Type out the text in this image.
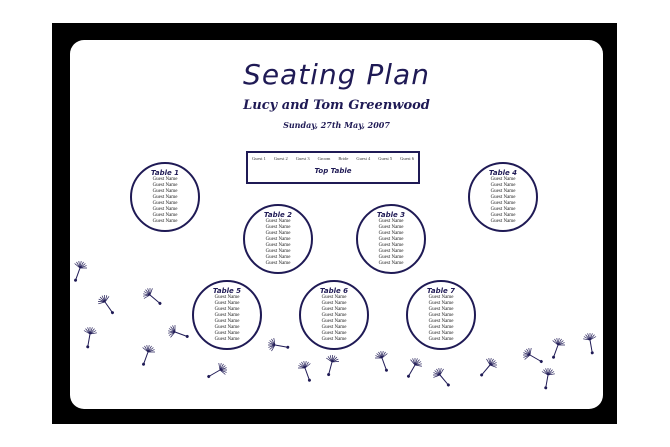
Seating Plan
Lucy and Tom Greenwood
Sunday, 27th May, 2007
Guest 1 Guest 2 Guest 3 Groom Bride Guest 4 Guest 5 Guest 6
Top Table
Table 1
Guest Name
Guest Name
Guest Name
Guest Name
Guest Name
Guest Name
Guest Name
Guest Name
Table 2
Guest Name
Guest Name
Guest Name
Guest Name
Guest Name
Guest Name
Guest Name
Guest Name
Table 3
Guest Name
Guest Name
Guest Name
Guest Name
Guest Name
Guest Name
Guest Name
Guest Name
Table 4
Guest Name
Guest Name
Guest Name
Guest Name
Guest Name
Guest Name
Guest Name
Guest Name
Table 5
Guest Name
Guest Name
Guest Name
Guest Name
Guest Name
Guest Name
Guest Name
Guest Name
Table 6
Guest Name
Guest Name
Guest Name
Guest Name
Guest Name
Guest Name
Guest Name
Guest Name
Table 7
Guest Name
Guest Name
Guest Name
Guest Name
Guest Name
Guest Name
Guest Name
Guest Name
